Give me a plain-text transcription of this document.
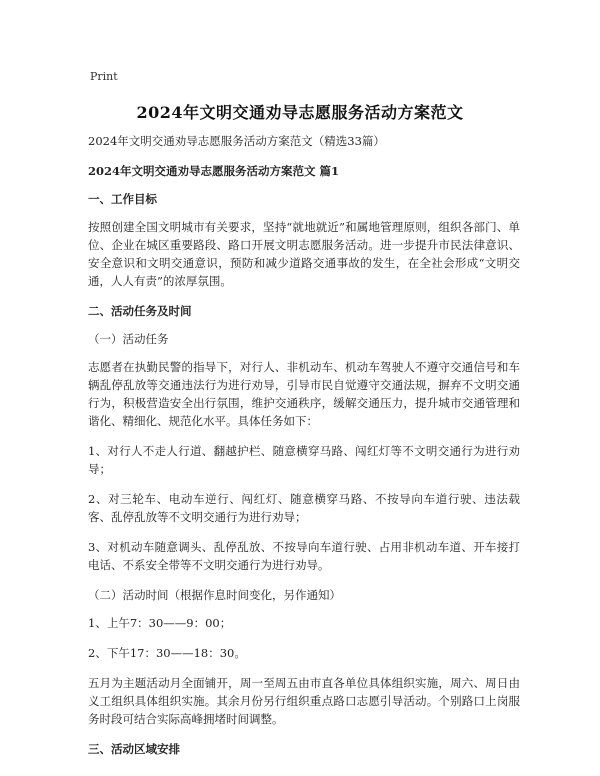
Print
2024年文明交通劝导志愿服务活动方案范文

2024年文明交通劝导志愿服务活动方案范文（精选33篇）

2024年文明交通劝导志愿服务活动方案范文 篇1

一、工作目标

按照创建全国文明城市有关要求，坚持“就地就近”和属地管理原则，组织各部门、单位、企业在城区重要路段、路口开展文明志愿服务活动。进一步提升市民法律意识、安全意识和文明交通意识，预防和减少道路交通事故的发生，在全社会形成“文明交通，人人有责”的浓厚氛围。

二、活动任务及时间

（一）活动任务

志愿者在执勤民警的指导下，对行人、非机动车、机动车驾驶人不遵守交通信号和车辆乱停乱放等交通违法行为进行劝导，引导市民自觉遵守交通法规，摒弃不文明交通行为，积极营造安全出行氛围，维护交通秩序，缓解交通压力，提升城市交通管理和谐化、精细化、规范化水平。具体任务如下：

1、对行人不走人行道、翻越护栏、随意横穿马路、闯红灯等不文明交通行为进行劝导；

2、对三轮车、电动车逆行、闯红灯、随意横穿马路、不按导向车道行驶、违法载客、乱停乱放等不文明交通行为进行劝导；

3、对机动车随意调头、乱停乱放、不按导向车道行驶、占用非机动车道、开车接打电话、不系安全带等不文明交通行为进行劝导。

（二）活动时间（根据作息时间变化，另作通知）

1、上午7：30——9：00；

2、下午17：30——18：30。

五月为主题活动月全面铺开，周一至周五由市直各单位具体组织实施，周六、周日由义工组织具体组织实施。其余月份另行组织重点路口志愿引导活动。个别路口上岗服务时段可结合实际高峰拥堵时间调整。

三、活动区域安排
